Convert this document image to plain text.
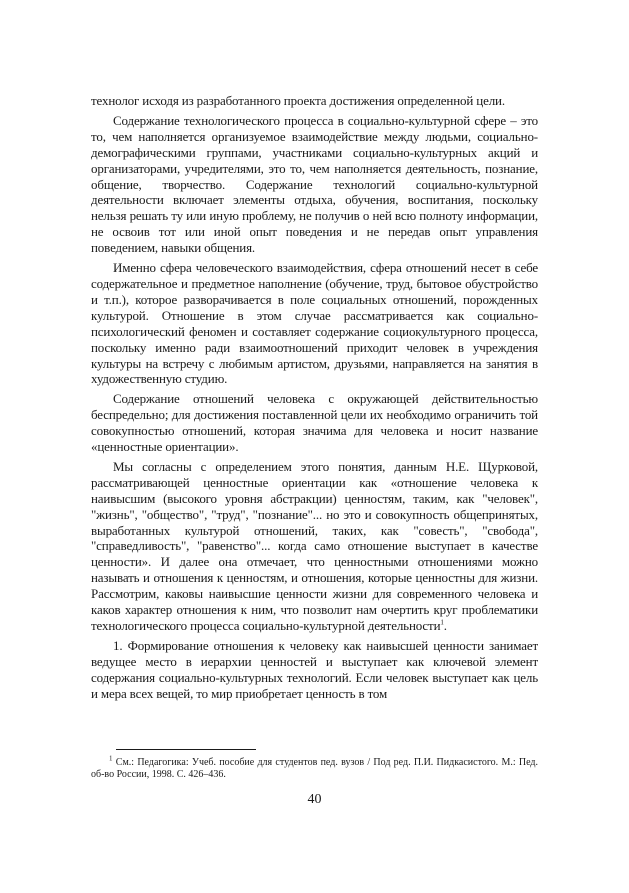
технолог исходя из разработанного проекта достижения определенной цели.

Содержание технологического процесса в социально-культурной сфере – это то, чем наполняется организуемое взаимодействие между людьми, социально-демографическими группами, участниками социально-культурных акций и организаторами, учредителями, это то, чем наполняется деятельность, познание, общение, творчество. Содержание технологий социально-культурной деятельности включает элементы отдыха, обучения, воспитания, поскольку нельзя решать ту или иную проблему, не получив о ней всю полноту информации, не освоив тот или иной опыт поведения и не передав опыт управления поведением, навыки общения.

Именно сфера человеческого взаимодействия, сфера отношений несет в себе содержательное и предметное наполнение (обучение, труд, бытовое обустройство и т.п.), которое разворачивается в поле социальных отношений, порожденных культурой. Отношение в этом случае рассматривается как социально-психологический феномен и составляет содержание социокультурного процесса, поскольку именно ради взаимоотношений приходит человек в учреждения культуры на встречу с любимым артистом, друзьями, направляется на занятия в художественную студию.

Содержание отношений человека с окружающей действительностью беспредельно; для достижения поставленной цели их необходимо ограничить той совокупностью отношений, которая значима для человека и носит название «ценностные ориентации».

Мы согласны с определением этого понятия, данным Н.Е. Щурковой, рассматривающей ценностные ориентации как «отношение человека к наивысшим (высокого уровня абстракции) ценностям, таким, как "человек", "жизнь", "общество", "труд", "познание"... но это и совокупность общепринятых, выработанных культурой отношений, таких, как "совесть", "свобода", "справедливость", "равенство"... когда само отношение выступает в качестве ценности». И далее она отмечает, что ценностными отношениями можно называть и отношения к ценностям, и отношения, которые ценностны для жизни. Рассмотрим, каковы наивысшие ценности жизни для современного человека и каков характер отношения к ним, что позволит нам очертить круг проблематики технологического процесса социально-культурной деятельности$^1$.

1. Формирование отношения к человеку как наивысшей ценности занимает ведущее место в иерархии ценностей и выступает как ключевой элемент содержания социально-культурных технологий. Если человек выступает как цель и мера всех вещей, то мир приобретает ценность в том

$^1$ См.: Педагогика: Учеб. пособие для студентов пед. вузов / Под ред. П.И. Пидкасистого. М.: Пед. об-во России, 1998. С. 426–436.

40
